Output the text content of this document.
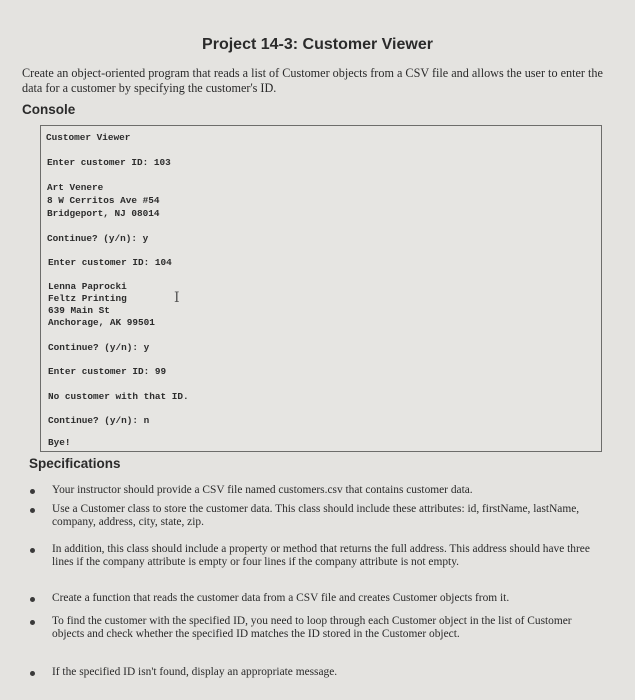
Project 14-3: Customer Viewer
Create an object-oriented program that reads a list of Customer objects from a CSV file and allows the user to enter the data for a customer by specifying the customer's ID.
Console
Customer Viewer
Enter customer ID: 103
Art Venere
8 W Cerritos Ave #54
Bridgeport, NJ 08014
Continue? (y/n): y
Enter customer ID: 104
Lenna Paprocki
Feltz Printing
639 Main St
Anchorage, AK 99501
Continue? (y/n): y
Enter customer ID: 99
No customer with that ID.
Continue? (y/n): n
Bye!
I
Specifications
Your instructor should provide a CSV file named customers.csv that contains customer data.
Use a Customer class to store the customer data. This class should include these attributes: id, firstName, lastName, company, address, city, state, zip.
In addition, this class should include a property or method that returns the full address. This address should have three lines if the company attribute is empty or four lines if the company attribute is not empty.
Create a function that reads the customer data from a CSV file and creates Customer objects from it.
To find the customer with the specified ID, you need to loop through each Customer object in the list of Customer objects and check whether the specified ID matches the ID stored in the Customer object.
If the specified ID isn't found, display an appropriate message.
